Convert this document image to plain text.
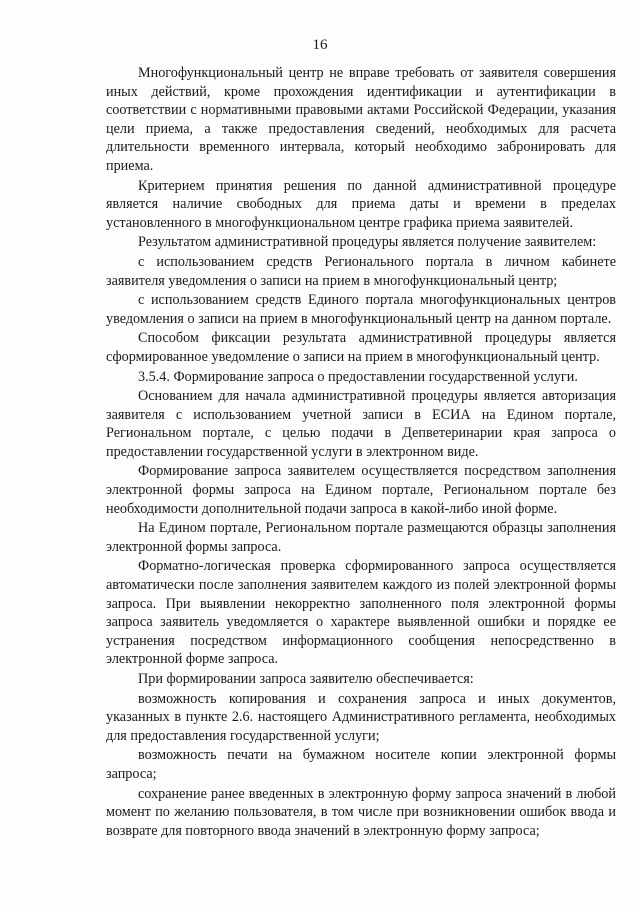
16

Многофункциональный центр не вправе требовать от заявителя совершения иных действий, кроме прохождения идентификации и аутентификации в соответствии с нормативными правовыми актами Российской Федерации, указания цели приема, а также предоставления сведений, необходимых для расчета длительности временного интервала, который необходимо забронировать для приема.

Критерием принятия решения по данной административной процедуре является наличие свободных для приема даты и времени в пределах установленного в многофункциональном центре графика приема заявителей.

Результатом административной процедуры является получение заявителем:

с использованием средств Регионального портала в личном кабинете заявителя уведомления о записи на прием в многофункциональный центр;

с использованием средств Единого портала многофункциональных центров уведомления о записи на прием в многофункциональный центр на данном портале.

Способом фиксации результата административной процедуры является сформированное уведомление о записи на прием в многофункциональный центр.

3.5.4. Формирование запроса о предоставлении государственной услуги.

Основанием для начала административной процедуры является авторизация заявителя с использованием учетной записи в ЕСИА на Едином портале, Региональном портале, с целью подачи в Депветеринарии края запроса о предоставлении государственной услуги в электронном виде.

Формирование запроса заявителем осуществляется посредством заполнения электронной формы запроса на Едином портале, Региональном портале без необходимости дополнительной подачи запроса в какой-либо иной форме.

На Едином портале, Региональном портале размещаются образцы заполнения электронной формы запроса.

Форматно-логическая проверка сформированного запроса осуществляется автоматически после заполнения заявителем каждого из полей электронной формы запроса. При выявлении некорректно заполненного поля электронной формы запроса заявитель уведомляется о характере выявленной ошибки и порядке ее устранения посредством информационного сообщения непосредственно в электронной форме запроса.

При формировании запроса заявителю обеспечивается:

возможность копирования и сохранения запроса и иных документов, указанных в пункте 2.6. настоящего Административного регламента, необходимых для предоставления государственной услуги;

возможность печати на бумажном носителе копии электронной формы запроса;

сохранение ранее введенных в электронную форму запроса значений в любой момент по желанию пользователя, в том числе при возникновении ошибок ввода и возврате для повторного ввода значений в электронную форму запроса;
